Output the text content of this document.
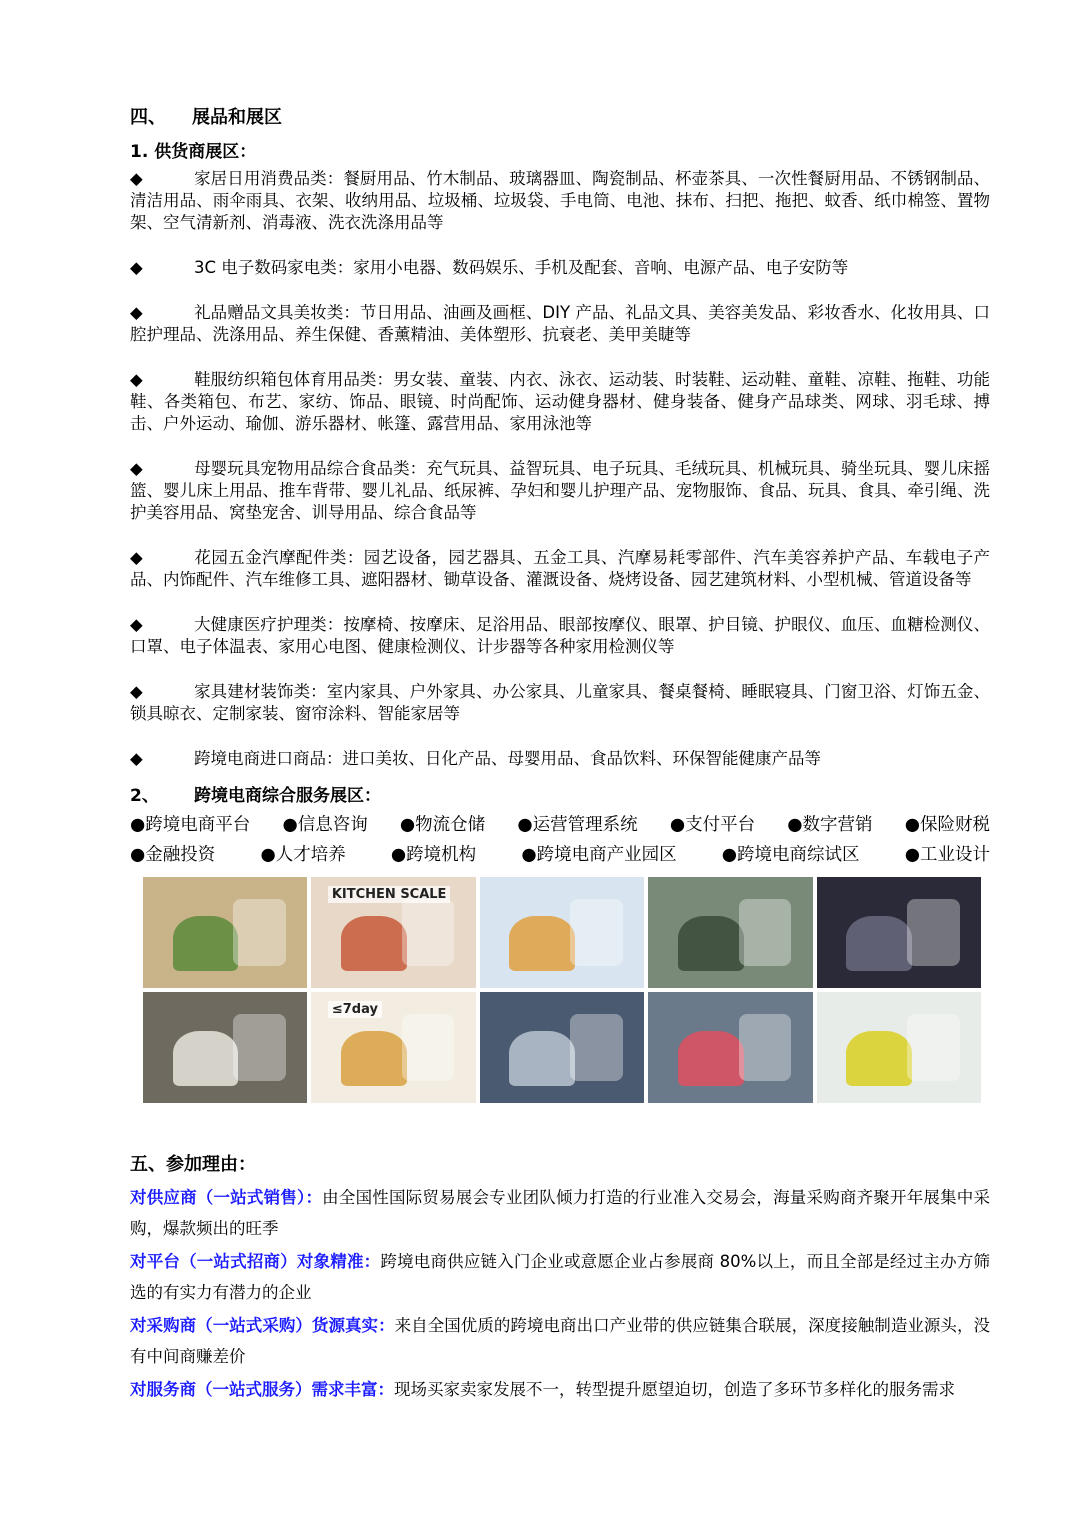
四、	展品和展区
1. 供货商展区：
◆	家居日用消费品类：餐厨用品、竹木制品、玻璃器皿、陶瓷制品、杯壶茶具、一次性餐厨用品、不锈钢制品、清洁用品、雨伞雨具、衣架、收纳用品、垃圾桶、垃圾袋、手电筒、电池、抹布、扫把、拖把、蚊香、纸巾棉签、置物架、空气清新剂、消毒液、洗衣洗涤用品等
◆	3C 电子数码家电类：家用小电器、数码娱乐、手机及配套、音响、电源产品、电子安防等
◆	礼品赠品文具美妆类：节日用品、油画及画框、DIY 产品、礼品文具、美容美发品、彩妆香水、化妆用具、口腔护理品、洗涤用品、养生保健、香薰精油、美体塑形、抗衰老、美甲美睫等
◆	鞋服纺织箱包体育用品类：男女装、童装、内衣、泳衣、运动装、时装鞋、运动鞋、童鞋、凉鞋、拖鞋、功能鞋、各类箱包、布艺、家纺、饰品、眼镜、时尚配饰、运动健身器材、健身装备、健身产品球类、网球、羽毛球、搏击、户外运动、瑜伽、游乐器材、帐篷、露营用品、家用泳池等
◆	母婴玩具宠物用品综合食品类：充气玩具、益智玩具、电子玩具、毛绒玩具、机械玩具、骑坐玩具、婴儿床摇篮、婴儿床上用品、推车背带、婴儿礼品、纸尿裤、孕妇和婴儿护理产品、宠物服饰、食品、玩具、食具、牵引绳、洗护美容用品、窝垫宠舍、训导用品、综合食品等
◆	花园五金汽摩配件类：园艺设备，园艺器具、五金工具、汽摩易耗零部件、汽车美容养护产品、车载电子产品、内饰配件、汽车维修工具、遮阳器材、锄草设备、灌溉设备、烧烤设备、园艺建筑材料、小型机械、管道设备等
◆	大健康医疗护理类：按摩椅、按摩床、足浴用品、眼部按摩仪、眼罩、护目镜、护眼仪、血压、血糖检测仪、口罩、电子体温表、家用心电图、健康检测仪、计步器等各种家用检测仪等
◆	家具建材装饰类：室内家具、户外家具、办公家具、儿童家具、餐桌餐椅、睡眠寝具、门窗卫浴、灯饰五金、锁具晾衣、定制家装、窗帘涂料、智能家居等
◆	跨境电商进口商品：进口美妆、日化产品、母婴用品、食品饮料、环保智能健康产品等
2、	跨境电商综合服务展区：
●跨境电商平台 ●信息咨询 ●物流仓储 ●运营管理系统 ●支付平台 ●数字营销 ●保险财税
●金融投资	●人才培养	●跨境机构	●跨境电商产业园区	●跨境电商综试区	●工业设计
KITCHEN SCALE
≤7day
五、参加理由：
对供应商（一站式销售）：由全国性国际贸易展会专业团队倾力打造的行业准入交易会，海量采购商齐聚开年展集中采购，爆款频出的旺季
对平台（一站式招商）对象精准：跨境电商供应链入门企业或意愿企业占参展商 80%以上，而且全部是经过主办方筛选的有实力有潜力的企业
对采购商（一站式采购）货源真实：来自全国优质的跨境电商出口产业带的供应链集合联展，深度接触制造业源头，没有中间商赚差价
对服务商（一站式服务）需求丰富：现场买家卖家发展不一，转型提升愿望迫切，创造了多环节多样化的服务需求
